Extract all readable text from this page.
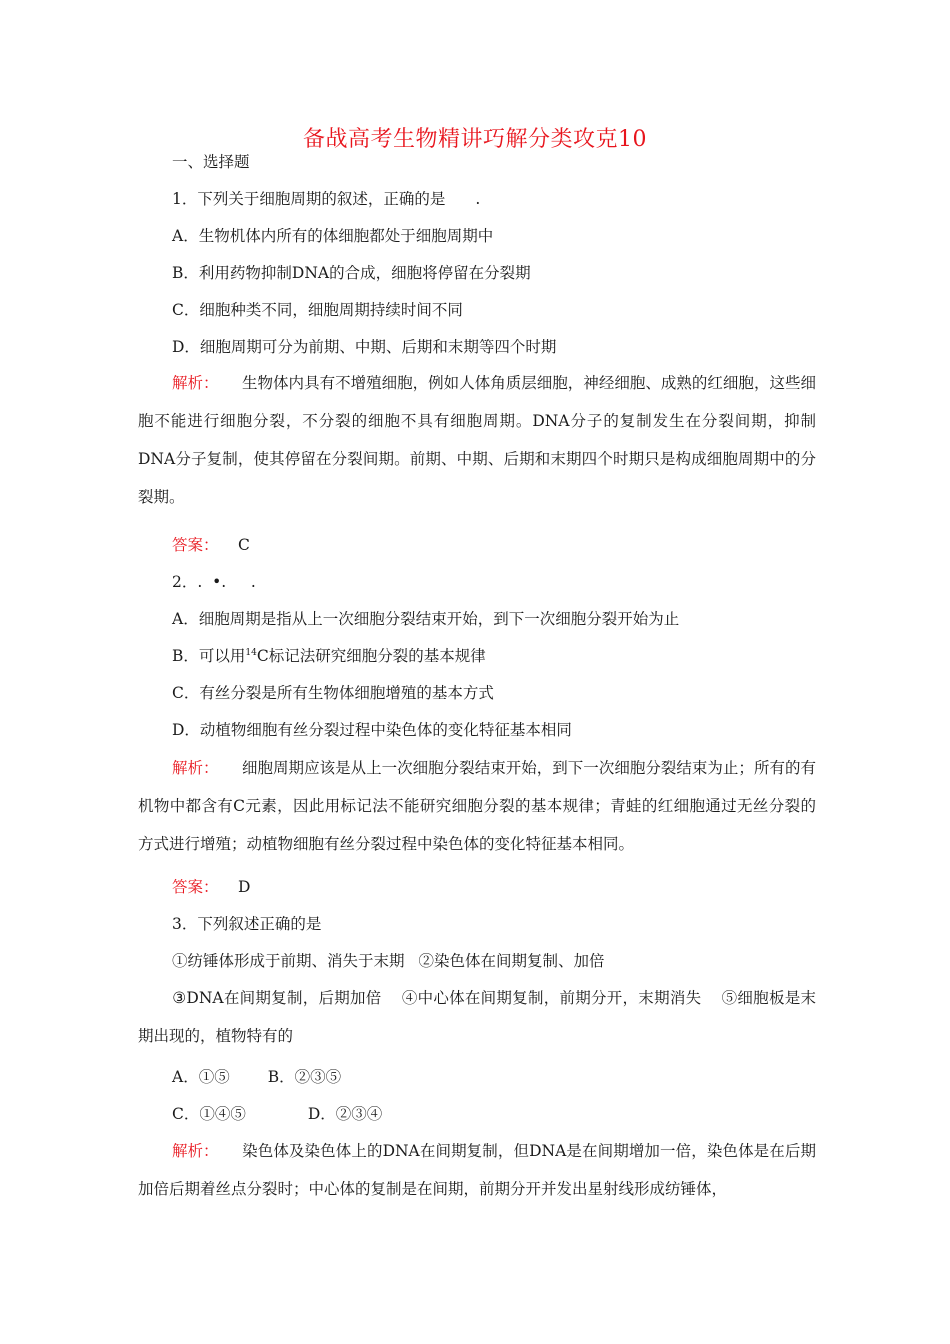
备战高考生物精讲巧解分类攻克10
一、选择题
1．下列关于细胞周期的叙述，正确的是 .
A．生物机体内所有的体细胞都处于细胞周期中
B．利用药物抑制DNA的合成，细胞将停留在分裂期
C．细胞种类不同，细胞周期持续时间不同
D．细胞周期可分为前期、中期、后期和末期等四个时期
解析： 生物体内具有不增殖细胞，例如人体角质层细胞，神经细胞、成熟的红细胞，这些细胞不能进行细胞分裂，不分裂的细胞不具有细胞周期。DNA分子的复制发生在分裂间期，抑制DNA分子复制，使其停留在分裂间期。前期、中期、后期和末期四个时期只是构成细胞周期中的分裂期。
答案： C
2．.  •.     .
A．细胞周期是指从上一次细胞分裂结束开始，到下一次细胞分裂开始为止
B．可以用$^{14}$C标记法研究细胞分裂的基本规律
C．有丝分裂是所有生物体细胞增殖的基本方式
D．动植物细胞有丝分裂过程中染色体的变化特征基本相同
解析： 细胞周期应该是从上一次细胞分裂结束开始，到下一次细胞分裂结束为止；所有的有机物中都含有C元素，因此用标记法不能研究细胞分裂的基本规律；青蛙的红细胞通过无丝分裂的方式进行增殖；动植物细胞有丝分裂过程中染色体的变化特征基本相同。
答案： D
3．下列叙述正确的是
①纺锤体形成于前期、消失于末期 ②染色体在间期复制、加倍
③DNA在间期复制，后期加倍 ④中心体在间期复制，前期分开，末期消失 ⑤细胞板是末期出现的，植物特有的
A．①⑤ B．②③⑤
C．①④⑤	D．②③④
解析： 染色体及染色体上的DNA在间期复制，但DNA是在间期增加一倍，染色体是在后期加倍后期着丝点分裂时；中心体的复制是在间期，前期分开并发出星射线形成纺锤体，
